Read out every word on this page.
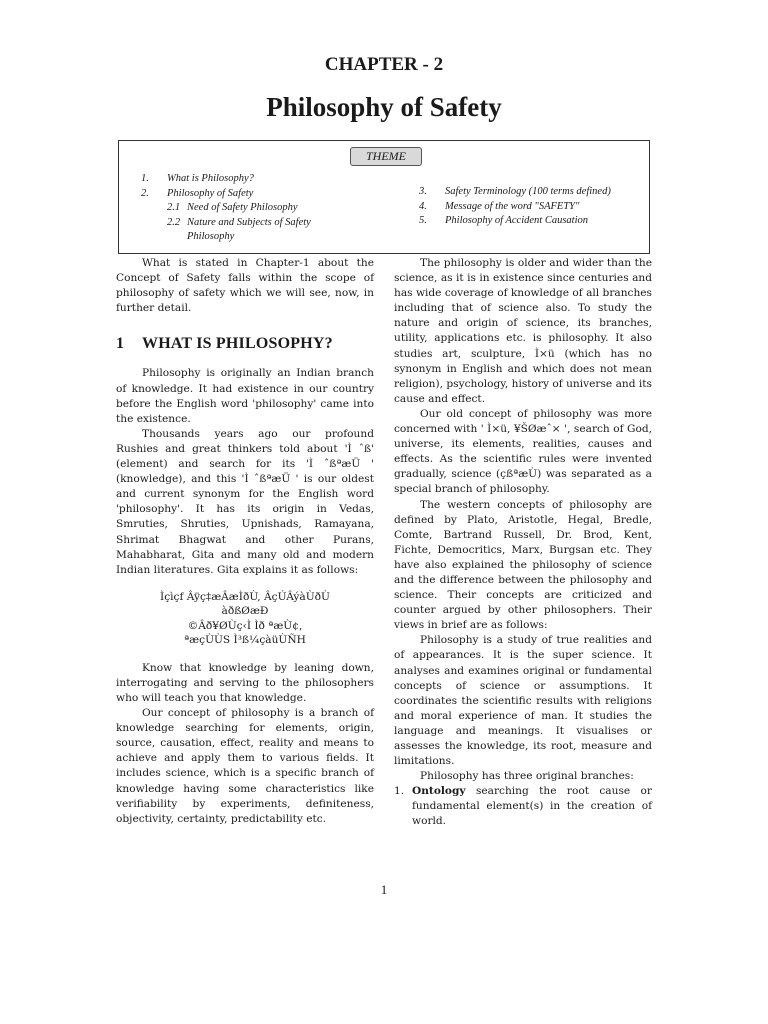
CHAPTER - 2
Philosophy of Safety
THEME
1.	What is Philosophy?
2.	Philosophy of Safety
2.1 Need of Safety Philosophy
2.2 Nature and Subjects of Safety Philosophy
3.	Safety Terminology (100 terms defined)
4.	Message of the word "SAFETY"
5.	Philosophy of Accident Causation

What is stated in Chapter-1 about the Concept of Safety falls within the scope of philosophy of safety which we will see, now, in further detail.

1 WHAT IS PHILOSOPHY?

Philosophy is originally an Indian branch of knowledge. It had existence in our country before the English word 'philosophy' came into the existence.

Thousands years ago our profound Rushies and great thinkers told about 'Ì ˆß' (element) and search for its 'Ì ˆßªæÜ ' (knowledge), and this 'Ì ˆßªæÜ ' is our oldest and current synonym for the English word 'philosophy'. It has its origin in Vedas, Smruties, Shruties, Upnishads, Ramayana, Shrimat Bhagwat and other Purans, Mahabharat, Gita and many old and modern Indian literatures. Gita explains it as follows:

Ìçìçf Âÿç‡æÂæÌðÙ, ÂçÚÂýàÙðÙ
àðßØæÐ
©Âð¥ØÙç‹Ì Ìð ªæÙ¢,
ªæçÙÙS Ì³ß¼çàüÙÑH

Know that knowledge by leaning down, interrogating and serving to the philosophers who will teach you that knowledge.

Our concept of philosophy is a branch of knowledge searching for elements, origin, source, causation, effect, reality and means to achieve and apply them to various fields. It includes science, which is a specific branch of knowledge having some characteristics like verifiability by experiments, definiteness, objectivity, certainty, predictability etc.

The philosophy is older and wider than the science, as it is in existence since centuries and has wide coverage of knowledge of all branches including that of science also. To study the nature and origin of science, its branches, utility, applications etc. is philosophy. It also studies art, sculpture, Ì×ü (which has no synonym in English and which does not mean religion), psychology, history of universe and its cause and effect.

Our old concept of philosophy was more concerned with ' Ì×ü, ¥ŠØæˆ× ', search of God, universe, its elements, realities, causes and effects. As the scientific rules were invented gradually, science (çßªæÙ) was separated as a special branch of philosophy.

The western concepts of philosophy are defined by Plato, Aristotle, Hegal, Bredle, Comte, Bartrand Russell, Dr. Brod, Kent, Fichte, Democritics, Marx, Burgsan etc. They have also explained the philosophy of science and the difference between the philosophy and science. Their concepts are criticized and counter argued by other philosophers. Their views in brief are as follows:

Philosophy is a study of true realities and of appearances. It is the super science. It analyses and examines original or fundamental concepts of science or assumptions. It coordinates the scientific results with religions and moral experience of man. It studies the language and meanings. It visualises or assesses the knowledge, its root, measure and limitations.

Philosophy has three original branches:

1. Ontology searching the root cause or fundamental element(s) in the creation of world.
1
